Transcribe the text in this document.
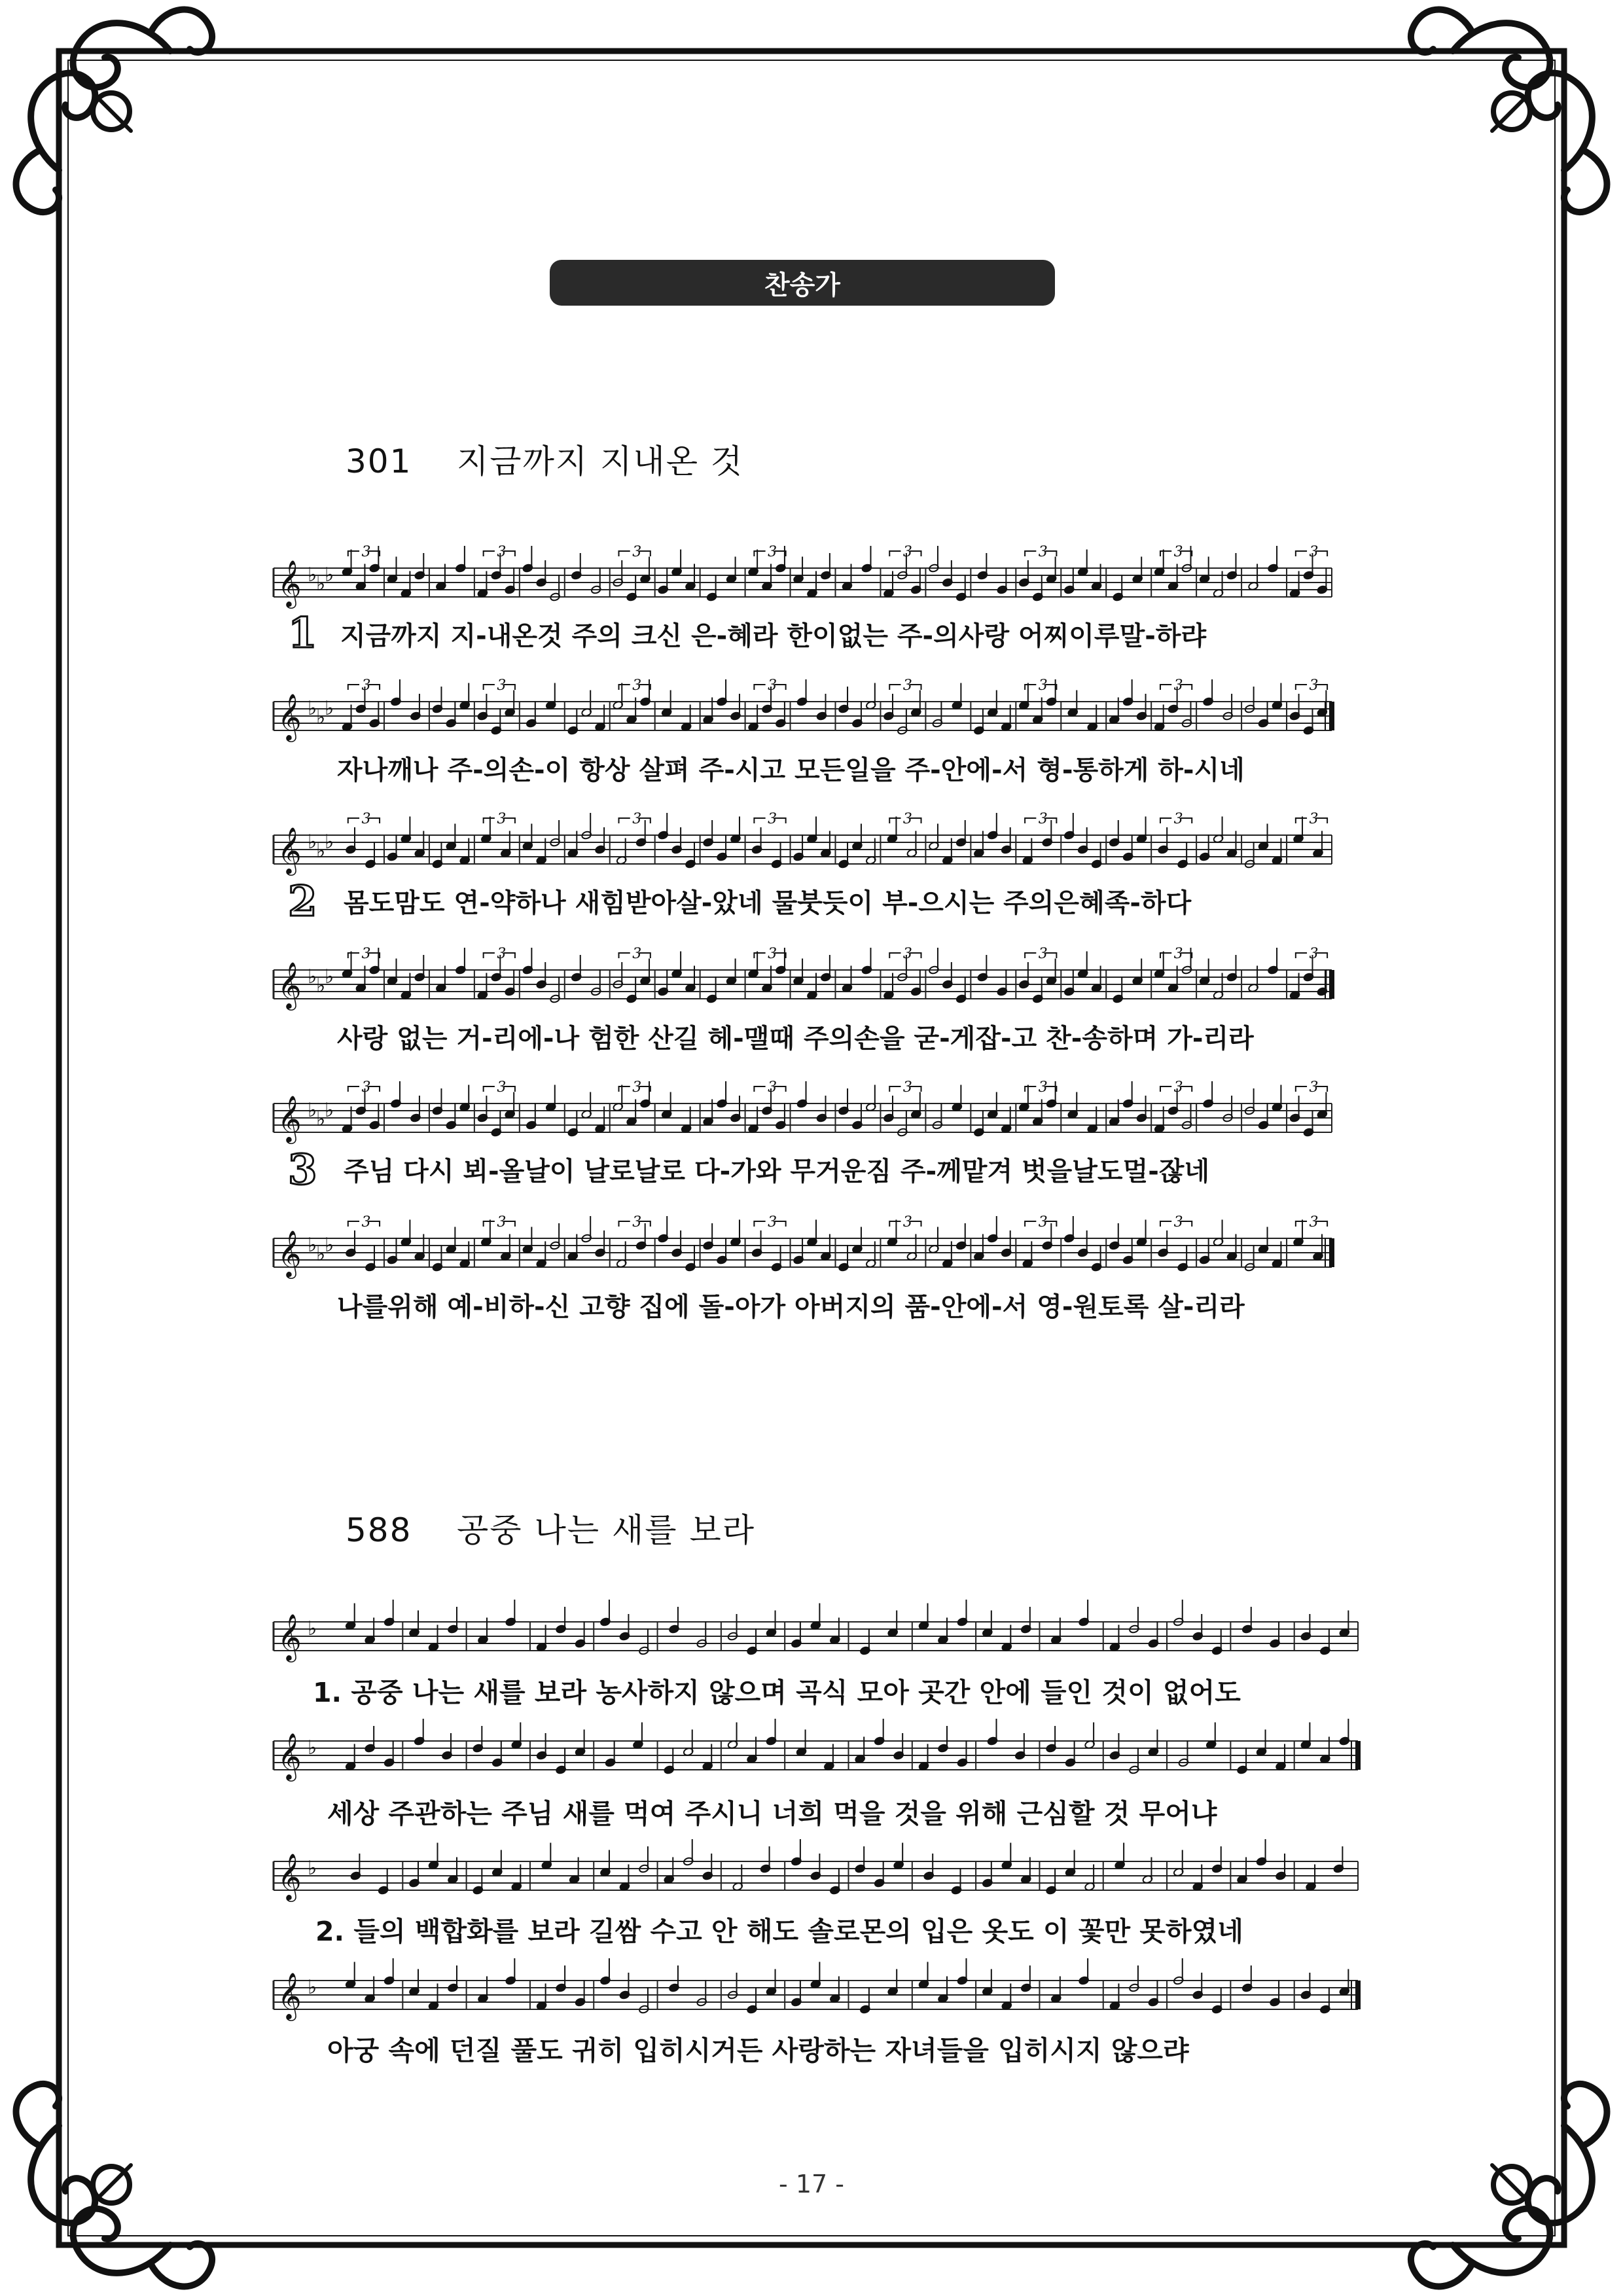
찬송가
301 지금까지 지내온 것
588 공중 나는 새를 보라
𝄞 ♭
♭
♭
3	3	3	3	3	3	3	3
𝄞 ♭
♭
♭
3	3	3	3	3	3	3	3
𝄞 ♭
♭
♭
3	3	3	3	3	3	3	3
𝄞 ♭
♭
♭
3	3	3	3	3	3	3	3
𝄞 ♭
♭
♭
3	3	3	3	3	3	3	3
𝄞 ♭
♭
♭
3	3	3	3	3	3	3	3
𝄞 ♭
𝄞 ♭
𝄞 ♭
𝄞 ♭
지금까지 지-내온것 주의 크신 은-혜라 한이없는 주-의사랑 어찌이루말-하랴
자나깨나 주-의손-이 항상 살펴 주-시고 모든일을 주-안에-서 형-통하게 하-시네
몸도맘도 연-약하나 새힘받아살-았네 물붓듯이 부-으시는 주의은혜족-하다
사랑 없는 거-리에-나 험한 산길 헤-맬때 주의손을 굳-게잡-고 찬-송하며 가-리라
주님 다시 뵈-올날이 날로날로 다-가와 무거운짐 주-께맡겨 벗을날도멀-잖네
나를위해 예-비하-신 고향 집에 돌-아가 아버지의 품-안에-서 영-원토록 살-리라
1
2
3
1. 공중 나는 새를 보라 농사하지 않으며 곡식 모아 곳간 안에 들인 것이 없어도
세상 주관하는 주님 새를 먹여 주시니 너희 먹을 것을 위해 근심할 것 무어냐
2. 들의 백합화를 보라 길쌈 수고 안 해도 솔로몬의 입은 옷도 이 꽃만 못하였네
아궁 속에 던질 풀도 귀히 입히시거든 사랑하는 자녀들을 입히시지 않으랴
- 17 -
